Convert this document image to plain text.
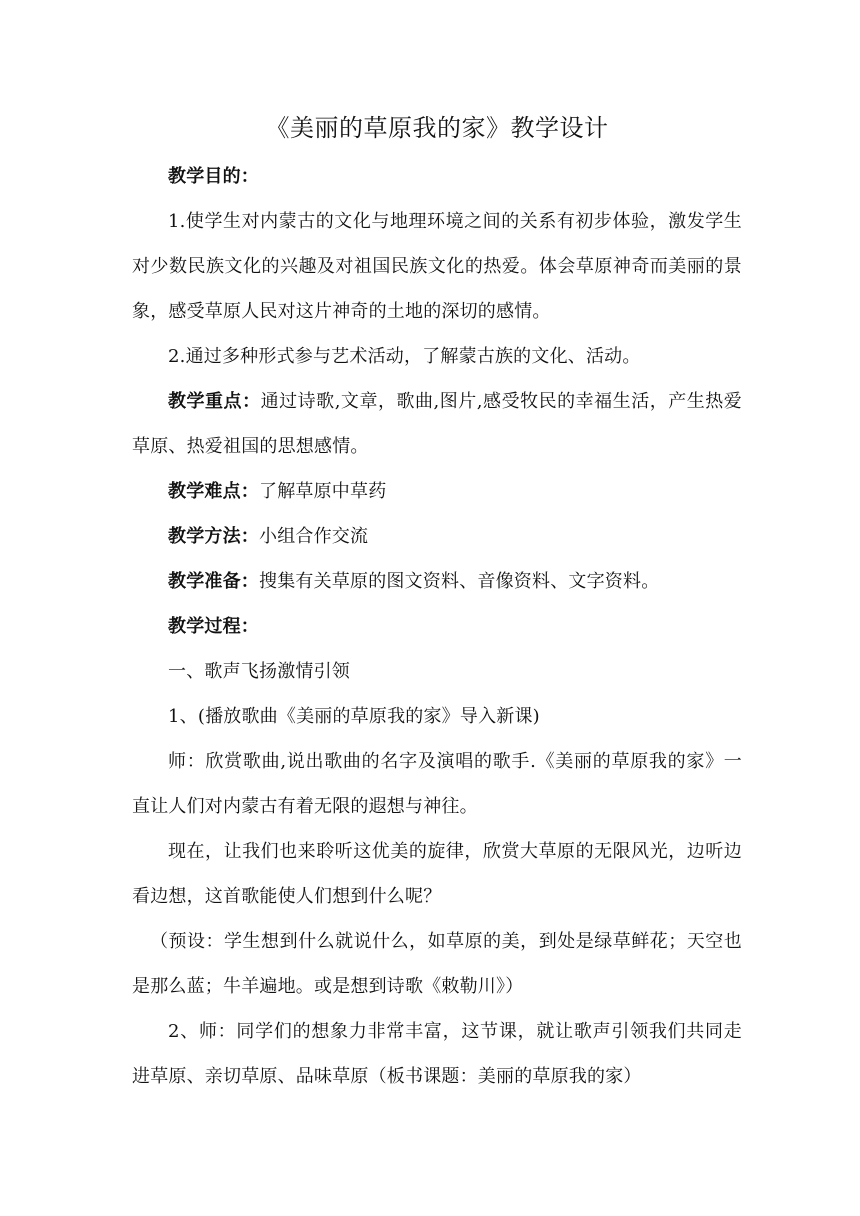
《美丽的草原我的家》教学设计

教学目的：

1.使学生对内蒙古的文化与地理环境之间的关系有初步体验，激发学生对少数民族文化的兴趣及对祖国民族文化的热爱。体会草原神奇而美丽的景象，感受草原人民对这片神奇的土地的深切的感情。

2.通过多种形式参与艺术活动，了解蒙古族的文化、活动。

教学重点：通过诗歌,文章，歌曲,图片,感受牧民的幸福生活，产生热爱草原、热爱祖国的思想感情。

教学难点：了解草原中草药

教学方法：小组合作交流

教学准备：搜集有关草原的图文资料、音像资料、文字资料。

教学过程：

一、歌声飞扬激情引领

1、(播放歌曲《美丽的草原我的家》导入新课)

师：欣赏歌曲,说出歌曲的名字及演唱的歌手.《美丽的草原我的家》一直让人们对内蒙古有着无限的遐想与神往。

现在，让我们也来聆听这优美的旋律，欣赏大草原的无限风光，边听边看边想，这首歌能使人们想到什么呢？

（预设：学生想到什么就说什么，如草原的美，到处是绿草鲜花；天空也是那么蓝；牛羊遍地。或是想到诗歌《敕勒川》）

2、师：同学们的想象力非常丰富，这节课，就让歌声引领我们共同走进草原、亲切草原、品味草原（板书课题：美丽的草原我的家）
